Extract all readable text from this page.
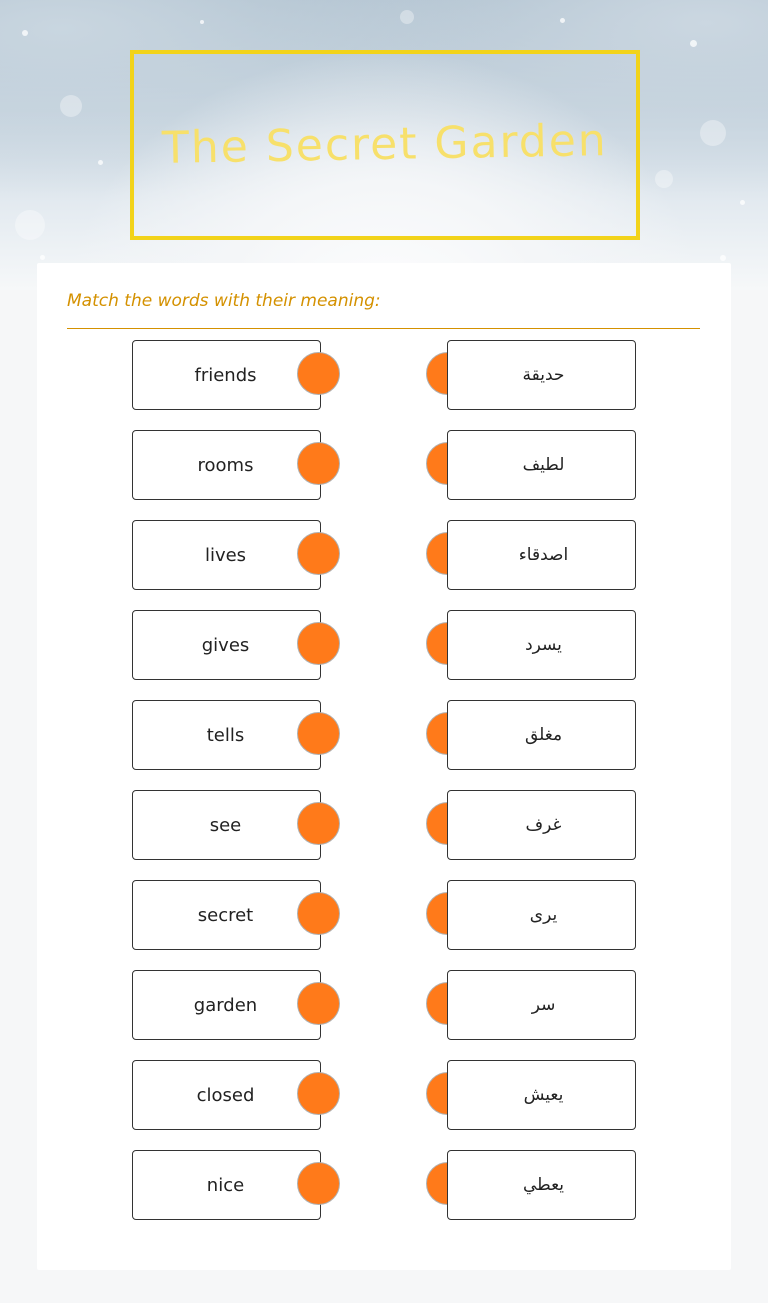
The Secret Garden
Match the words with their meaning:
friends	حديقة
rooms	لطيف
lives	اصدقاء
gives	يسرد
tells	مغلق
see	غرف
secret	يرى
garden	سر
closed	يعيش
nice	يعطي
